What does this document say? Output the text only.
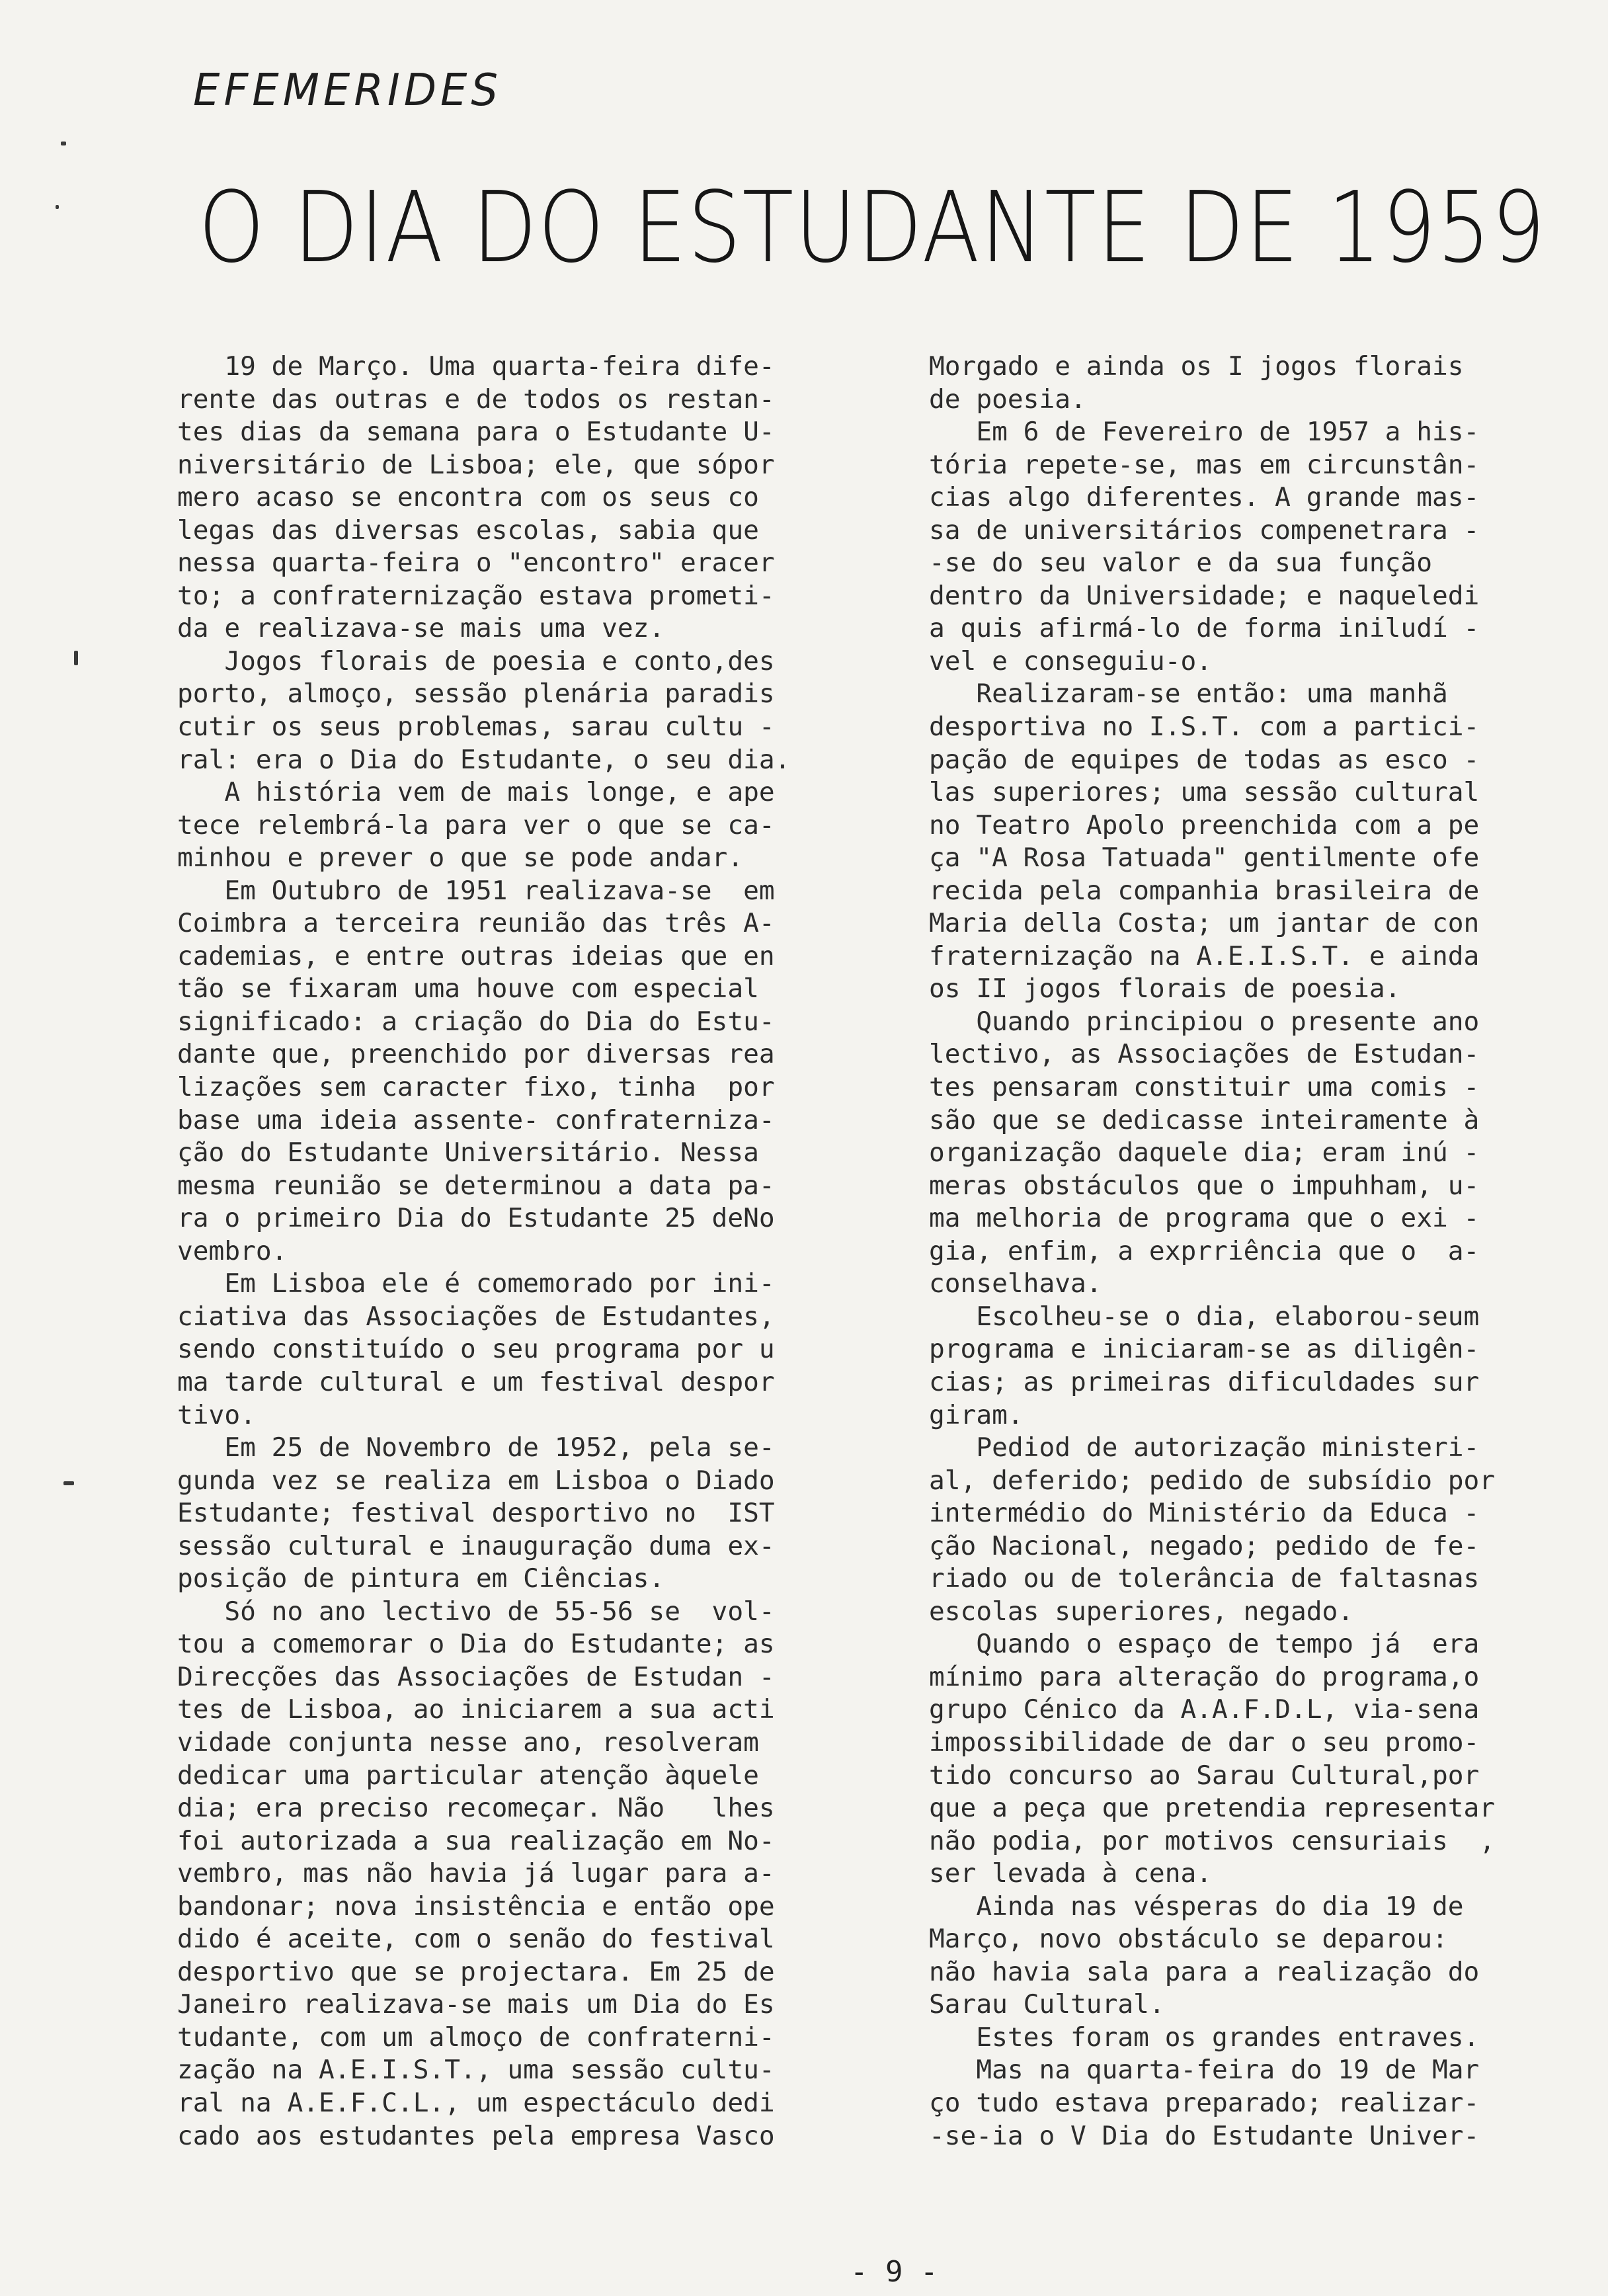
EFEMERIDES
O DIA DO ESTUDANTE DE 1959
19 de Março. Uma quarta-feira dife-
rente das outras e de todos os restan-
tes dias da semana para o Estudante U-
niversitário de Lisboa; ele, que sópor
mero acaso se encontra com os seus co
legas das diversas escolas, sabia que
nessa quarta-feira o "encontro" eracer
to; a confraternização estava prometi-
da e realizava-se mais uma vez.
Jogos florais de poesia e conto,des
porto, almoço, sessão plenária paradis
cutir os seus problemas, sarau cultu -
ral: era o Dia do Estudante, o seu dia.
A história vem de mais longe, e ape
tece relembrá-la para ver o que se ca-
minhou e prever o que se pode andar.
Em Outubro de 1951 realizava-se  em
Coimbra a terceira reunião das três A-
cademias, e entre outras ideias que en
tão se fixaram uma houve com especial
significado: a criação do Dia do Estu-
dante que, preenchido por diversas rea
lizações sem caracter fixo, tinha  por
base uma ideia assente- confraterniza-
ção do Estudante Universitário. Nessa
mesma reunião se determinou a data pa-
ra o primeiro Dia do Estudante 25 deNo
vembro.
Em Lisboa ele é comemorado por ini-
ciativa das Associações de Estudantes,
sendo constituído o seu programa por u
ma tarde cultural e um festival despor
tivo.
Em 25 de Novembro de 1952, pela se-
gunda vez se realiza em Lisboa o Diado
Estudante; festival desportivo no  IST
sessão cultural e inauguração duma ex-
posição de pintura em Ciências.
Só no ano lectivo de 55-56 se  vol-
tou a comemorar o Dia do Estudante; as
Direcções das Associações de Estudan -
tes de Lisboa, ao iniciarem a sua acti
vidade conjunta nesse ano, resolveram
dedicar uma particular atenção àquele
dia; era preciso recomeçar. Não   lhes
foi autorizada a sua realização em No-
vembro, mas não havia já lugar para a-
bandonar; nova insistência e então ope
dido é aceite, com o senão do festival
desportivo que se projectara. Em 25 de
Janeiro realizava-se mais um Dia do Es
tudante, com um almoço de confraterni-
zação na A.E.I.S.T., uma sessão cultu-
ral na A.E.F.C.L., um espectáculo dedi
cado aos estudantes pela empresa Vasco
Morgado e ainda os I jogos florais
de poesia.
Em 6 de Fevereiro de 1957 a his-
tória repete-se, mas em circunstân-
cias algo diferentes. A grande mas-
sa de universitários compenetrara -
-se do seu valor e da sua função
dentro da Universidade; e naqueledi
a quis afirmá-lo de forma iniludí -
vel e conseguiu-o.
Realizaram-se então: uma manhã
desportiva no I.S.T. com a partici-
pação de equipes de todas as esco -
las superiores; uma sessão cultural
no Teatro Apolo preenchida com a pe
ça "A Rosa Tatuada" gentilmente ofe
recida pela companhia brasileira de
Maria della Costa; um jantar de con
fraternização na A.E.I.S.T. e ainda
os II jogos florais de poesia.
Quando principiou o presente ano
lectivo, as Associações de Estudan-
tes pensaram constituir uma comis -
são que se dedicasse inteiramente à
organização daquele dia; eram inú -
meras obstáculos que o impuhham, u-
ma melhoria de programa que o exi -
gia, enfim, a exprriência que o  a-
conselhava.
Escolheu-se o dia, elaborou-seum
programa e iniciaram-se as diligên-
cias; as primeiras dificuldades sur
giram.
Pediod de autorização ministeri-
al, deferido; pedido de subsídio por
intermédio do Ministério da Educa -
ção Nacional, negado; pedido de fe-
riado ou de tolerância de faltasnas
escolas superiores, negado.
Quando o espaço de tempo já  era
mínimo para alteração do programa,o
grupo Cénico da A.A.F.D.L, via-sena
impossibilidade de dar o seu promo-
tido concurso ao Sarau Cultural,por
que a peça que pretendia representar
não podia, por motivos censuriais  ,
ser levada à cena.
Ainda nas vésperas do dia 19 de
Março, novo obstáculo se deparou:
não havia sala para a realização do
Sarau Cultural.
Estes foram os grandes entraves.
Mas na quarta-feira do 19 de Mar
ço tudo estava preparado; realizar-
-se-ia o V Dia do Estudante Univer-
- 9 -
